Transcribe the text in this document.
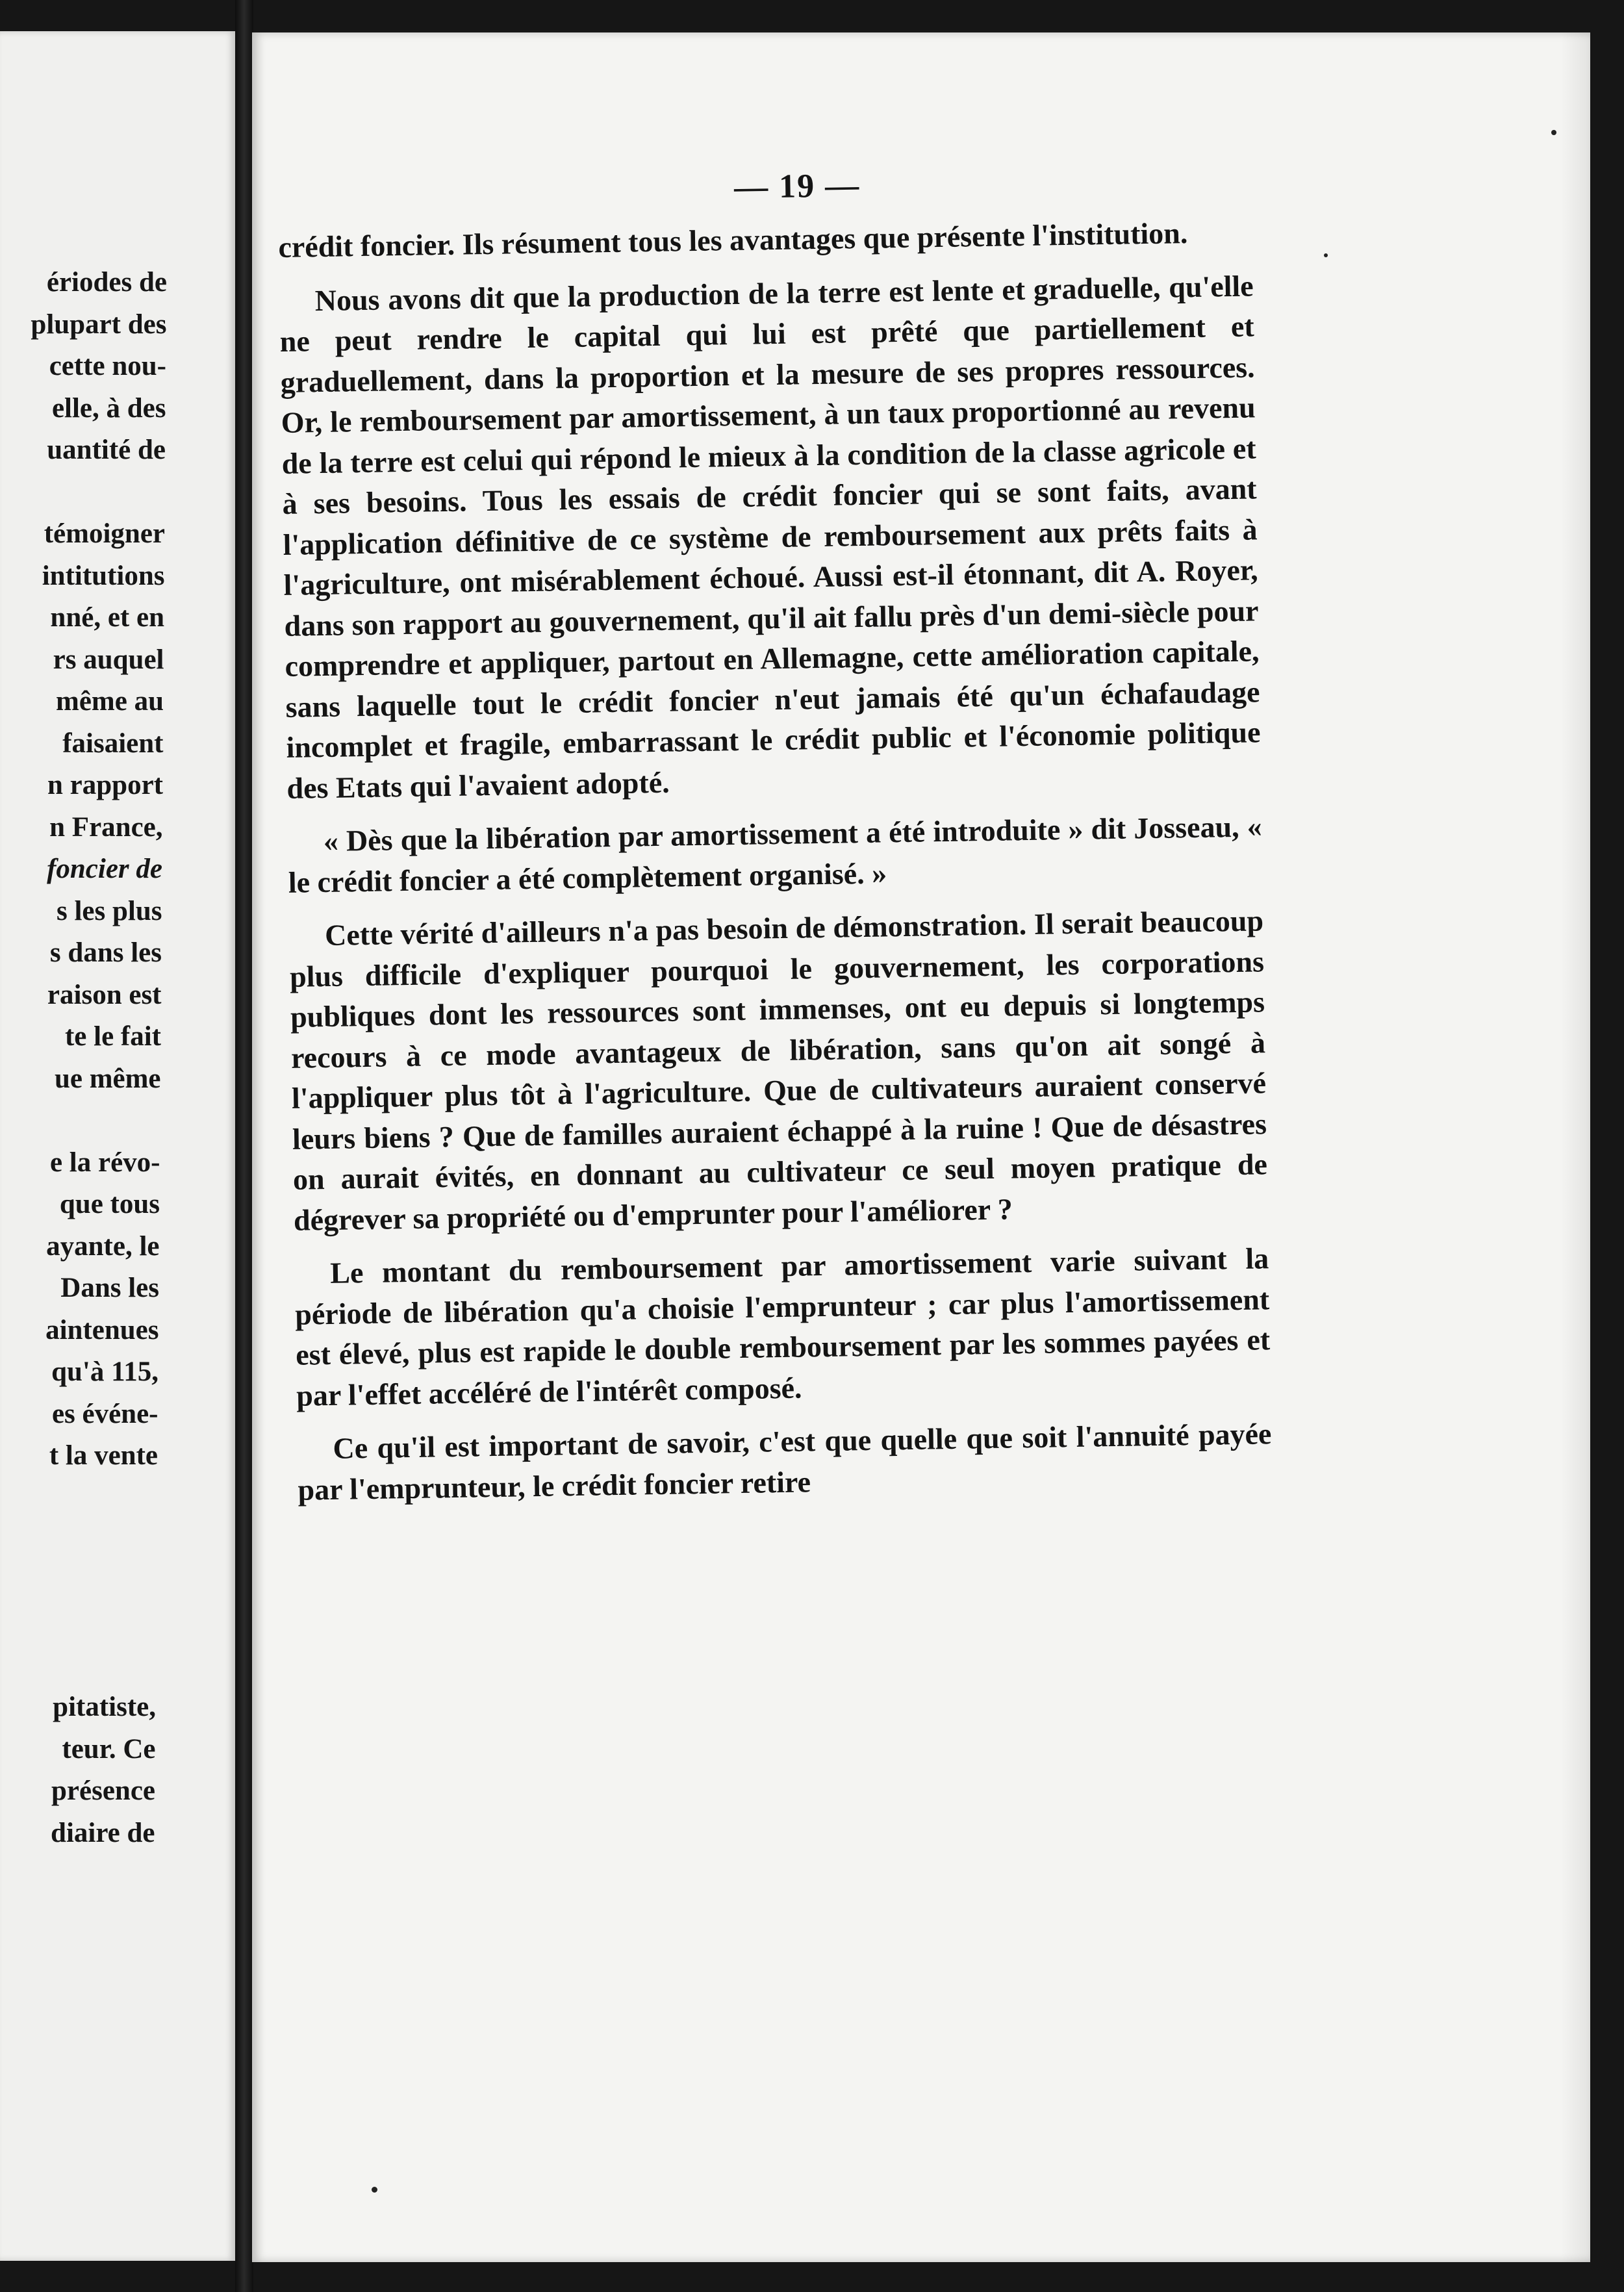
ériodes de
plupart des
cette nou-
elle, à des
uantité de
témoigner
intitutions
nné, et en
rs auquel
même au
faisaient
n rapport
n France,
foncier de
s les plus
s dans les
raison est
te le fait
ue même
e la révo-
que tous
ayante, le
Dans les
aintenues
qu'à 115,
es événe-
t la vente
pitatiste,
teur. Ce
présence
diaire de
— 19 —

crédit foncier. Ils résument tous les avantages que présente l'institution.

Nous avons dit que la production de la terre est lente et graduelle, qu'elle ne peut rendre le capital qui lui est prêté que partiellement et graduellement, dans la proportion et la mesure de ses propres ressources. Or, le remboursement par amortissement, à un taux proportionné au revenu de la terre est celui qui répond le mieux à la condition de la classe agricole et à ses besoins. Tous les essais de crédit foncier qui se sont faits, avant l'application définitive de ce système de remboursement aux prêts faits à l'agriculture, ont misérablement échoué. Aussi est-il étonnant, dit A. Royer, dans son rapport au gouvernement, qu'il ait fallu près d'un demi-siècle pour comprendre et appliquer, partout en Allemagne, cette amélioration capitale, sans laquelle tout le crédit foncier n'eut jamais été qu'un échafaudage incomplet et fragile, embarrassant le crédit public et l'économie politique des Etats qui l'avaient adopté.

« Dès que la libération par amortissement a été introduite » dit Josseau, « le crédit foncier a été complètement organisé. »

Cette vérité d'ailleurs n'a pas besoin de démonstration. Il serait beaucoup plus difficile d'expliquer pourquoi le gouvernement, les corporations publiques dont les ressources sont immenses, ont eu depuis si longtemps recours à ce mode avantageux de libération, sans qu'on ait songé à l'appliquer plus tôt à l'agriculture. Que de cultivateurs auraient conservé leurs biens ? Que de familles auraient échappé à la ruine ! Que de désastres on aurait évités, en donnant au cultivateur ce seul moyen pratique de dégrever sa propriété ou d'emprunter pour l'améliorer ?

Le montant du remboursement par amortissement varie suivant la période de libération qu'a choisie l'emprunteur ; car plus l'amortissement est élevé, plus est rapide le double remboursement par les sommes payées et par l'effet accéléré de l'intérêt composé.

Ce qu'il est important de savoir, c'est que quelle que soit l'annuité payée par l'emprunteur, le crédit foncier retire
